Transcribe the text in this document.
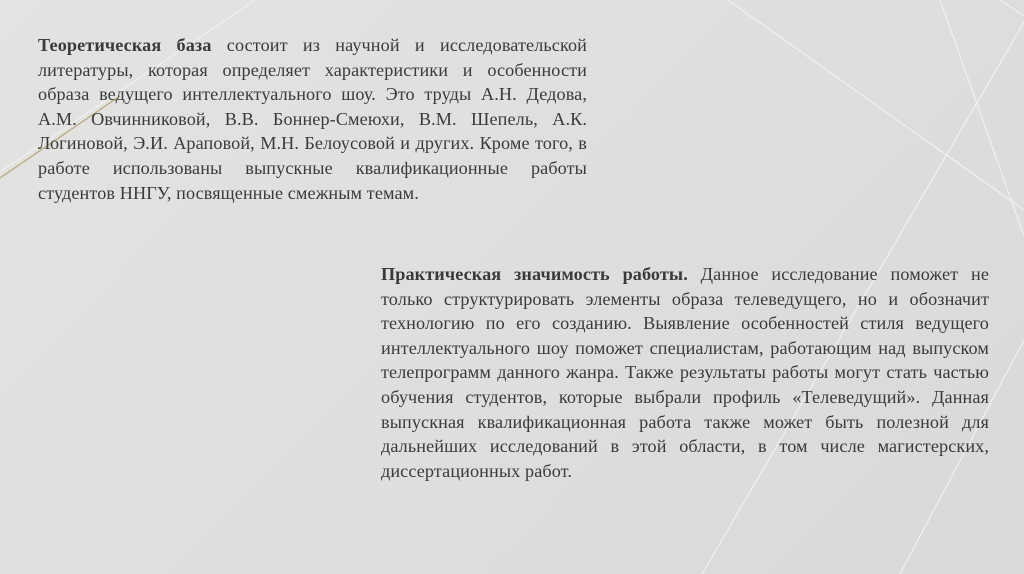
Теоретическая база состоит из научной и исследовательской литературы, которая определяет характеристики и особенности образа ведущего интеллектуального шоу. Это труды А.Н. Дедова, А.М. Овчинниковой, В.В. Боннер-Смеюхи, В.М. Шепель, А.К. Логиновой, Э.И. Араповой, М.Н. Белоусовой и других. Кроме того, в работе использованы выпускные квалификационные работы студентов ННГУ, посвященные смежным темам.

Практическая значимость работы. Данное исследование поможет не только структурировать элементы образа телеведущего, но и обозначит технологию по его созданию. Выявление особенностей стиля ведущего интеллектуального шоу поможет специалистам, работающим над выпуском телепрограмм данного жанра. Также результаты работы могут стать частью обучения студентов, которые выбрали профиль «Телеведущий». Данная выпускная квалификационная работа также может быть полезной для дальнейших исследований в этой области, в том числе магистерских, диссертационных работ.
